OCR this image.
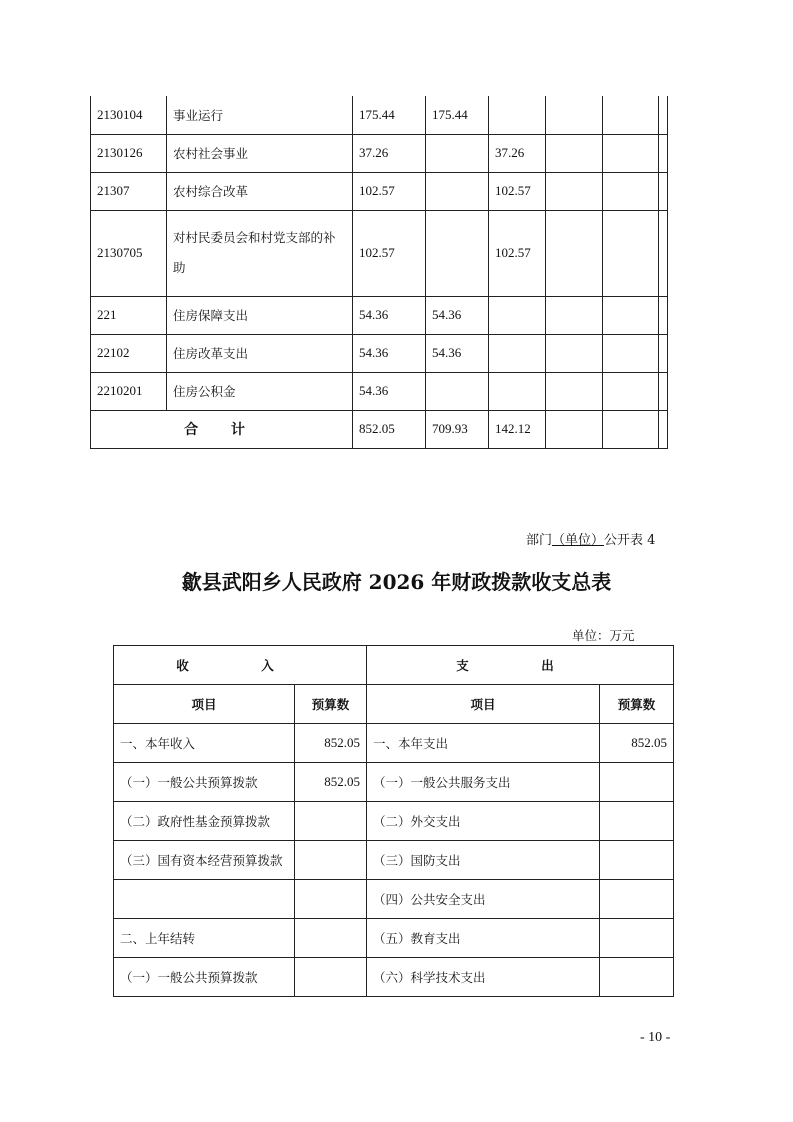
2130104	事业运行	175.44	175.44				
2130126	农村社会事业	37.26		37.26			
21307	农村综合改革	102.57		102.57			
2130705	对村民委员会和村党支部的补助	102.57		102.57			
221	住房保障支出	54.36	54.36				
22102	住房改革支出	54.36	54.36				
2210201	住房公积金	54.36					
合 计		852.05	709.93	142.12			
部门（单位）公开表 4
歙县武阳乡人民政府 2026 年财政拨款收支总表
单位：万元
收　入		支　出	
项目	预算数	项目	预算数
一、本年收入	852.05	一、本年支出	852.05
（一）一般公共预算拨款	852.05	（一）一般公共服务支出	
（二）政府性基金预算拨款		（二）外交支出	
（三）国有资本经营预算拨款		（三）国防支出	
		（四）公共安全支出	
二、上年结转		（五）教育支出	
（一）一般公共预算拨款		（六）科学技术支出	
- 10 -
